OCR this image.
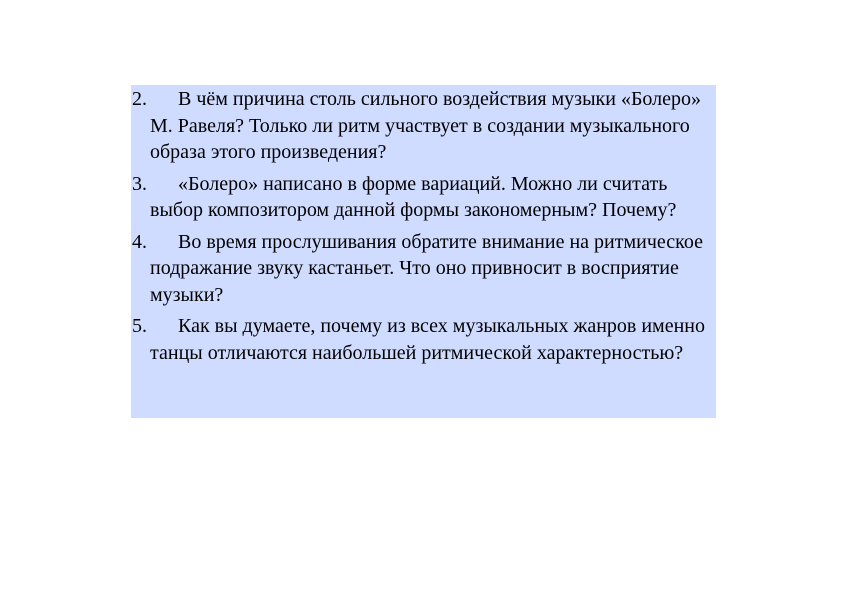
2. В чём причина столь сильного воздействия музыки «Болеро» М. Равеля? Только ли ритм участвует в создании музыкального образа этого произведения?
3. «Болеро» написано в форме вариаций. Можно ли считать выбор композитором данной формы закономерным? Почему?
4. Во время прослушивания обратите внимание на ритмическое подражание звуку кастаньет. Что оно привносит в восприятие музыки?
5. Как вы думаете, почему из всех музыкальных жанров именно танцы отличаются наибольшей ритмической характерностью?
